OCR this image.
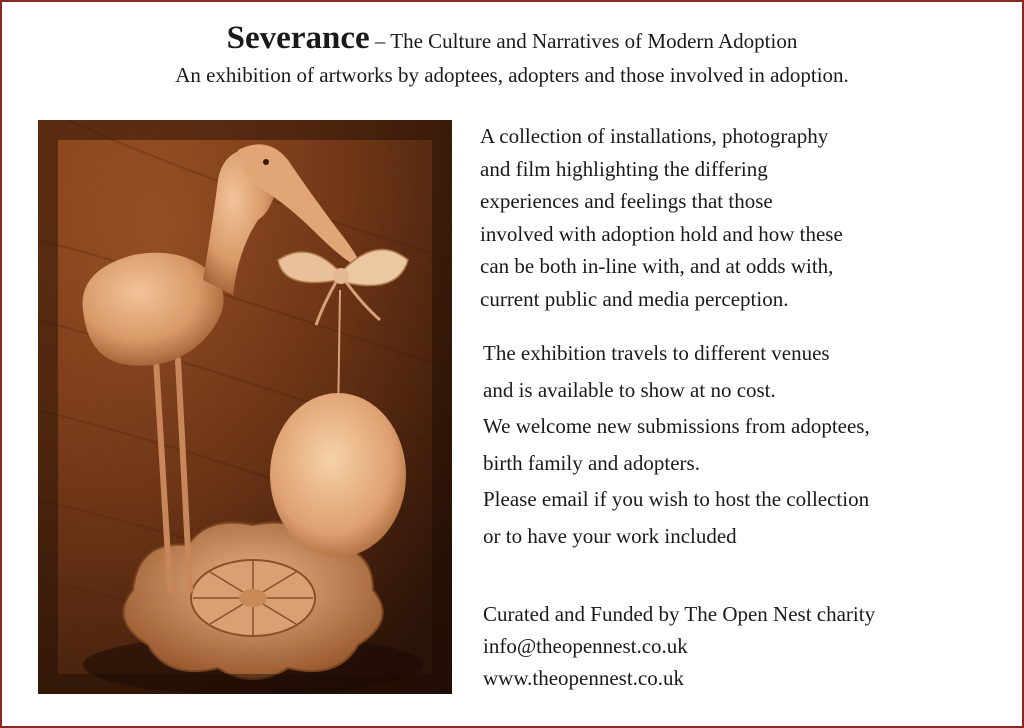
Severance – The Culture and Narratives of Modern Adoption
An exhibition of artworks by adoptees, adopters and those involved in adoption.
A collection of installations, photography
and film highlighting the differing
experiences and feelings that those
involved with adoption hold and how these
can be both in-line with, and at odds with,
current public and media perception.
The exhibition travels to different venues
and is available to show at no cost.
We welcome new submissions from adoptees,
birth family and adopters.
Please email if you wish to host the collection
or to have your work included
Curated and Funded by The Open Nest charity
info@theopennest.co.uk
www.theopennest.co.uk
